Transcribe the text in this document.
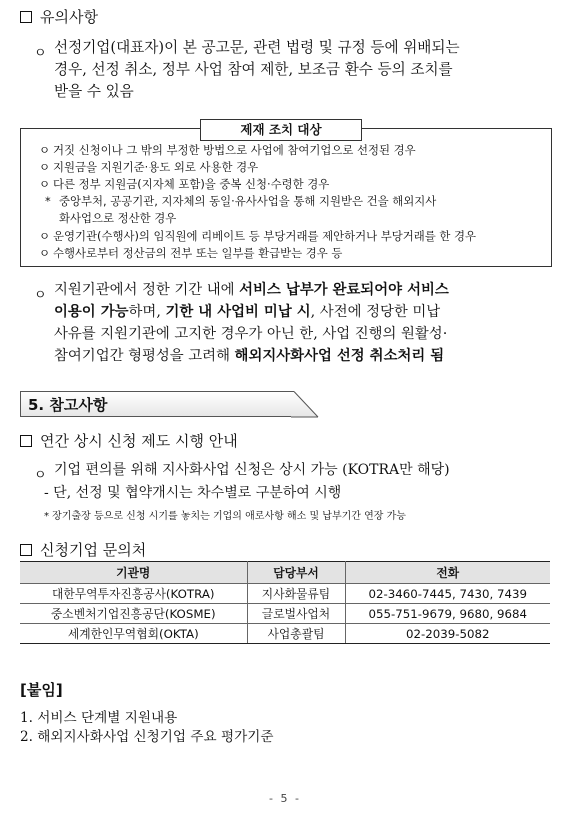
유의사항
ㅇ 선정기업(대표자)이 본 공고문, 관련 법령 및 규정 등에 위배되는
경우, 선정 취소, 정부 사업 참여 제한, 보조금 환수 등의 조치를
받을 수 있음
제재 조치 대상
ㅇ 거짓 신청이나 그 밖의 부정한 방법으로 사업에 참여기업으로 선정된 경우
ㅇ 지원금을 지원기준·용도 외로 사용한 경우
ㅇ 다른 정부 지원금(지자체 포함)을 중복 신청·수령한 경우
* 중앙부처, 공공기관, 지자체의 동일·유사사업을 통해 지원받은 건을 해외지사
화사업으로 정산한 경우
ㅇ 운영기관(수행사)의 임직원에 리베이트 등 부당거래를 제안하거나 부당거래를 한 경우
ㅇ 수행사로부터 정산금의 전부 또는 일부를 환급받는 경우 등
ㅇ 지원기관에서 정한 기간 내에 서비스 납부가 완료되어야 서비스
이용이 가능하며, 기한 내 사업비 미납 시, 사전에 정당한 미납
사유를 지원기관에 고지한 경우가 아닌 한, 사업 진행의 원활성·
참여기업간 형평성을 고려해 해외지사화사업 선정 취소처리 됨
5. 참고사항
연간 상시 신청 제도 시행 안내
ㅇ 기업 편의를 위해 지사화사업 신청은 상시 가능 (KOTRA만 해당)
- 단, 선정 및 협약개시는 차수별로 구분하여 시행
* 장기출장 등으로 신청 시기를 놓치는 기업의 애로사항 해소 및 납부기간 연장 가능
신청기업 문의처
기관명	담당부서	전화
대한무역투자진흥공사(KOTRA)	지사화물류팀	02-3460-7445, 7430, 7439
중소벤처기업진흥공단(KOSME)	글로벌사업처	055-751-9679, 9680, 9684
세계한인무역협회(OKTA)	사업총괄팀	02-2039-5082
[붙임]
1. 서비스 단계별 지원내용
2. 해외지사화사업 신청기업 주요 평가기준
- 5 -
